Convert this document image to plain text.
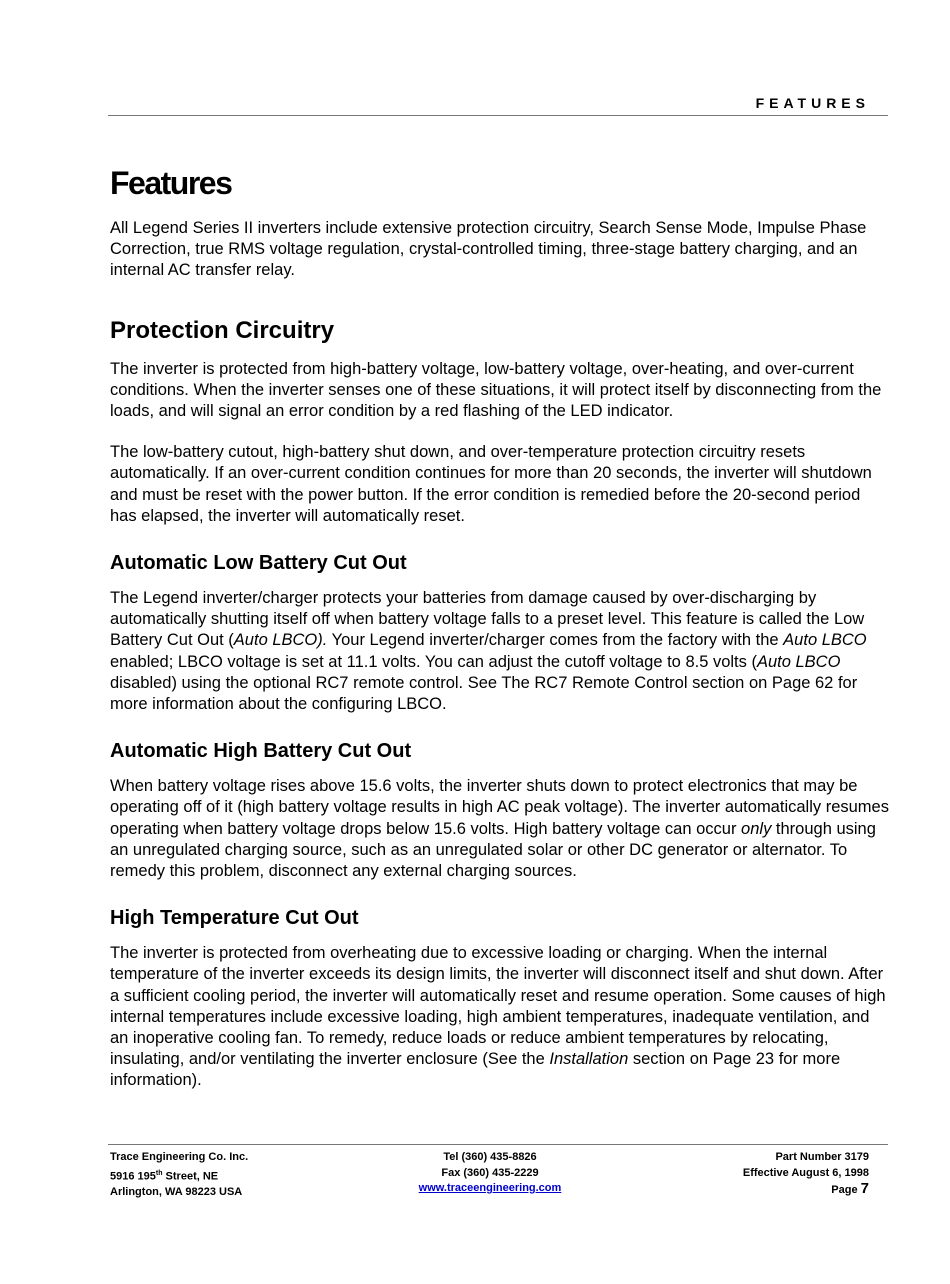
FEATURES

Features

All Legend Series II inverters include extensive protection circuitry, Search Sense Mode, Impulse Phase Correction, true RMS voltage regulation, crystal-controlled timing, three-stage battery charging, and an internal AC transfer relay.

Protection Circuitry

The inverter is protected from high-battery voltage, low-battery voltage, over-heating, and over-current conditions. When the inverter senses one of these situations, it will protect itself by disconnecting from the loads, and will signal an error condition by a red flashing of the LED indicator.

The low-battery cutout, high-battery shut down, and over-temperature protection circuitry resets automatically. If an over-current condition continues for more than 20 seconds, the inverter will shutdown and must be reset with the power button. If the error condition is remedied before the 20-second period has elapsed, the inverter will automatically reset.

Automatic Low Battery Cut Out

The Legend inverter/charger protects your batteries from damage caused by over-discharging by automatically shutting itself off when battery voltage falls to a preset level. This feature is called the Low Battery Cut Out (Auto LBCO). Your Legend inverter/charger comes from the factory with the Auto LBCO enabled; LBCO voltage is set at 11.1 volts. You can adjust the cutoff voltage to 8.5 volts (Auto LBCO disabled) using the optional RC7 remote control. See The RC7 Remote Control section on Page 62 for more information about the configuring LBCO.

Automatic High Battery Cut Out

When battery voltage rises above 15.6 volts, the inverter shuts down to protect electronics that may be operating off of it (high battery voltage results in high AC peak voltage). The inverter automatically resumes operating when battery voltage drops below 15.6 volts. High battery voltage can occur only through using an unregulated charging source, such as an unregulated solar or other DC generator or alternator. To remedy this problem, disconnect any external charging sources.

High Temperature Cut Out

The inverter is protected from overheating due to excessive loading or charging. When the internal temperature of the inverter exceeds its design limits, the inverter will disconnect itself and shut down. After a sufficient cooling period, the inverter will automatically reset and resume operation. Some causes of high internal temperatures include excessive loading, high ambient temperatures, inadequate ventilation, and an inoperative cooling fan. To remedy, reduce loads or reduce ambient temperatures by relocating, insulating, and/or ventilating the inverter enclosure (See the Installation section on Page 23 for more information).

Trace Engineering Co. Inc.
5916 195th Street, NE
Arlington, WA 98223 USA
Tel (360) 435-8826
Fax (360) 435-2229
www.traceengineering.com
Part Number 3179
Effective August 6, 1998
Page 7
